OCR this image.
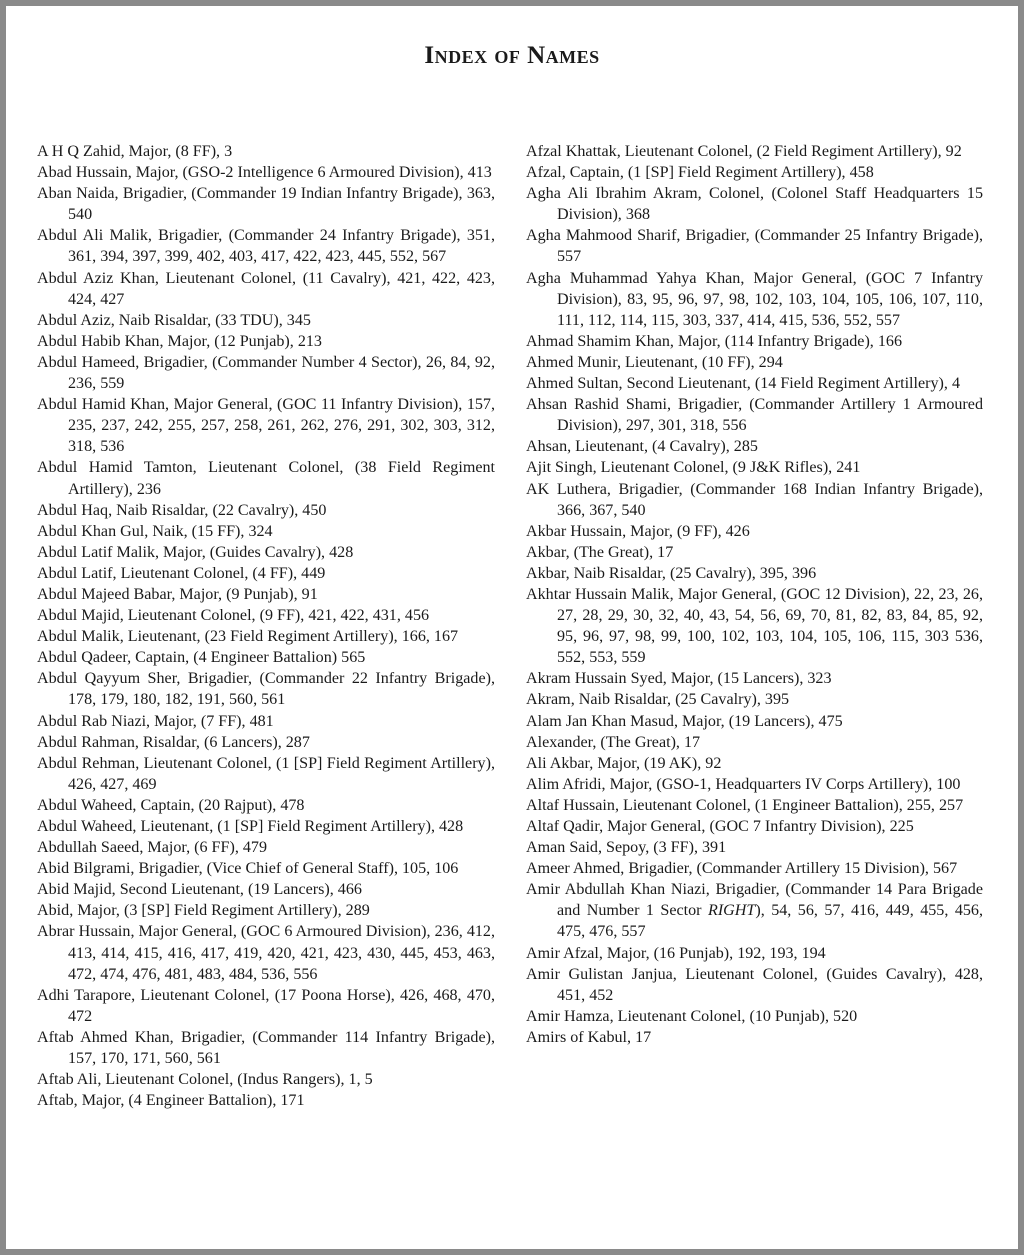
Index of Names
A H Q Zahid, Major, (8 FF), 3
Abad Hussain, Major, (GSO-2 Intelligence 6 Armoured Division), 413
Aban Naida, Brigadier, (Commander 19 Indian Infantry Brigade), 363, 540
Abdul Ali Malik, Brigadier, (Commander 24 Infantry Brigade), 351, 361, 394, 397, 399, 402, 403, 417, 422, 423, 445, 552, 567
Abdul Aziz Khan, Lieutenant Colonel, (11 Cavalry), 421, 422, 423, 424, 427
Abdul Aziz, Naib Risaldar, (33 TDU), 345
Abdul Habib Khan, Major, (12 Punjab), 213
Abdul Hameed, Brigadier, (Commander Number 4 Sector), 26, 84, 92, 236, 559
Abdul Hamid Khan, Major General, (GOC 11 Infantry Division), 157, 235, 237, 242, 255, 257, 258, 261, 262, 276, 291, 302, 303, 312, 318, 536
Abdul Hamid Tamton, Lieutenant Colonel, (38 Field Regiment Artillery), 236
Abdul Haq, Naib Risaldar, (22 Cavalry), 450
Abdul Khan Gul, Naik, (15 FF), 324
Abdul Latif Malik, Major, (Guides Cavalry), 428
Abdul Latif, Lieutenant Colonel, (4 FF), 449
Abdul Majeed Babar, Major, (9 Punjab), 91
Abdul Majid, Lieutenant Colonel, (9 FF), 421, 422, 431, 456
Abdul Malik, Lieutenant, (23 Field Regiment Artillery), 166, 167
Abdul Qadeer, Captain, (4 Engineer Battalion) 565
Abdul Qayyum Sher, Brigadier, (Commander 22 Infantry Brigade), 178, 179, 180, 182, 191, 560, 561
Abdul Rab Niazi, Major, (7 FF), 481
Abdul Rahman, Risaldar, (6 Lancers), 287
Abdul Rehman, Lieutenant Colonel, (1 [SP] Field Regiment Artillery), 426, 427, 469
Abdul Waheed, Captain, (20 Rajput), 478
Abdul Waheed, Lieutenant, (1 [SP] Field Regiment Artillery), 428
Abdullah Saeed, Major, (6 FF), 479
Abid Bilgrami, Brigadier, (Vice Chief of General Staff), 105, 106
Abid Majid, Second Lieutenant, (19 Lancers), 466
Abid, Major, (3 [SP] Field Regiment Artillery), 289
Abrar Hussain, Major General, (GOC 6 Armoured Division), 236, 412, 413, 414, 415, 416, 417, 419, 420, 421, 423, 430, 445, 453, 463, 472, 474, 476, 481, 483, 484, 536, 556
Adhi Tarapore, Lieutenant Colonel, (17 Poona Horse), 426, 468, 470, 472
Aftab Ahmed Khan, Brigadier, (Commander 114 Infantry Brigade), 157, 170, 171, 560, 561
Aftab Ali, Lieutenant Colonel, (Indus Rangers), 1, 5
Aftab, Major, (4 Engineer Battalion), 171
Afzal Khattak, Lieutenant Colonel, (2 Field Regiment Artillery), 92
Afzal, Captain, (1 [SP] Field Regiment Artillery), 458
Agha Ali Ibrahim Akram, Colonel, (Colonel Staff Headquarters 15 Division), 368
Agha Mahmood Sharif, Brigadier, (Commander 25 Infantry Brigade), 557
Agha Muhammad Yahya Khan, Major General, (GOC 7 Infantry Division), 83, 95, 96, 97, 98, 102, 103, 104, 105, 106, 107, 110, 111, 112, 114, 115, 303, 337, 414, 415, 536, 552, 557
Ahmad Shamim Khan, Major, (114 Infantry Brigade), 166
Ahmed Munir, Lieutenant, (10 FF), 294
Ahmed Sultan, Second Lieutenant, (14 Field Regiment Artillery), 4
Ahsan Rashid Shami, Brigadier, (Commander Artillery 1 Armoured Division), 297, 301, 318, 556
Ahsan, Lieutenant, (4 Cavalry), 285
Ajit Singh, Lieutenant Colonel, (9 J&K Rifles), 241
AK Luthera, Brigadier, (Commander 168 Indian Infantry Brigade), 366, 367, 540
Akbar Hussain, Major, (9 FF), 426
Akbar, (The Great), 17
Akbar, Naib Risaldar, (25 Cavalry), 395, 396
Akhtar Hussain Malik, Major General, (GOC 12 Division), 22, 23, 26, 27, 28, 29, 30, 32, 40, 43, 54, 56, 69, 70, 81, 82, 83, 84, 85, 92, 95, 96, 97, 98, 99, 100, 102, 103, 104, 105, 106, 115, 303 536, 552, 553, 559
Akram Hussain Syed, Major, (15 Lancers), 323
Akram, Naib Risaldar, (25 Cavalry), 395
Alam Jan Khan Masud, Major, (19 Lancers), 475
Alexander, (The Great), 17
Ali Akbar, Major, (19 AK), 92
Alim Afridi, Major, (GSO-1, Headquarters IV Corps Artillery), 100
Altaf Hussain, Lieutenant Colonel, (1 Engineer Battalion), 255, 257
Altaf Qadir, Major General, (GOC 7 Infantry Division), 225
Aman Said, Sepoy, (3 FF), 391
Ameer Ahmed, Brigadier, (Commander Artillery 15 Division), 567
Amir Abdullah Khan Niazi, Brigadier, (Commander 14 Para Brigade and Number 1 Sector RIGHT), 54, 56, 57, 416, 449, 455, 456, 475, 476, 557
Amir Afzal, Major, (16 Punjab), 192, 193, 194
Amir Gulistan Janjua, Lieutenant Colonel, (Guides Cavalry), 428, 451, 452
Amir Hamza, Lieutenant Colonel, (10 Punjab), 520
Amirs of Kabul, 17
